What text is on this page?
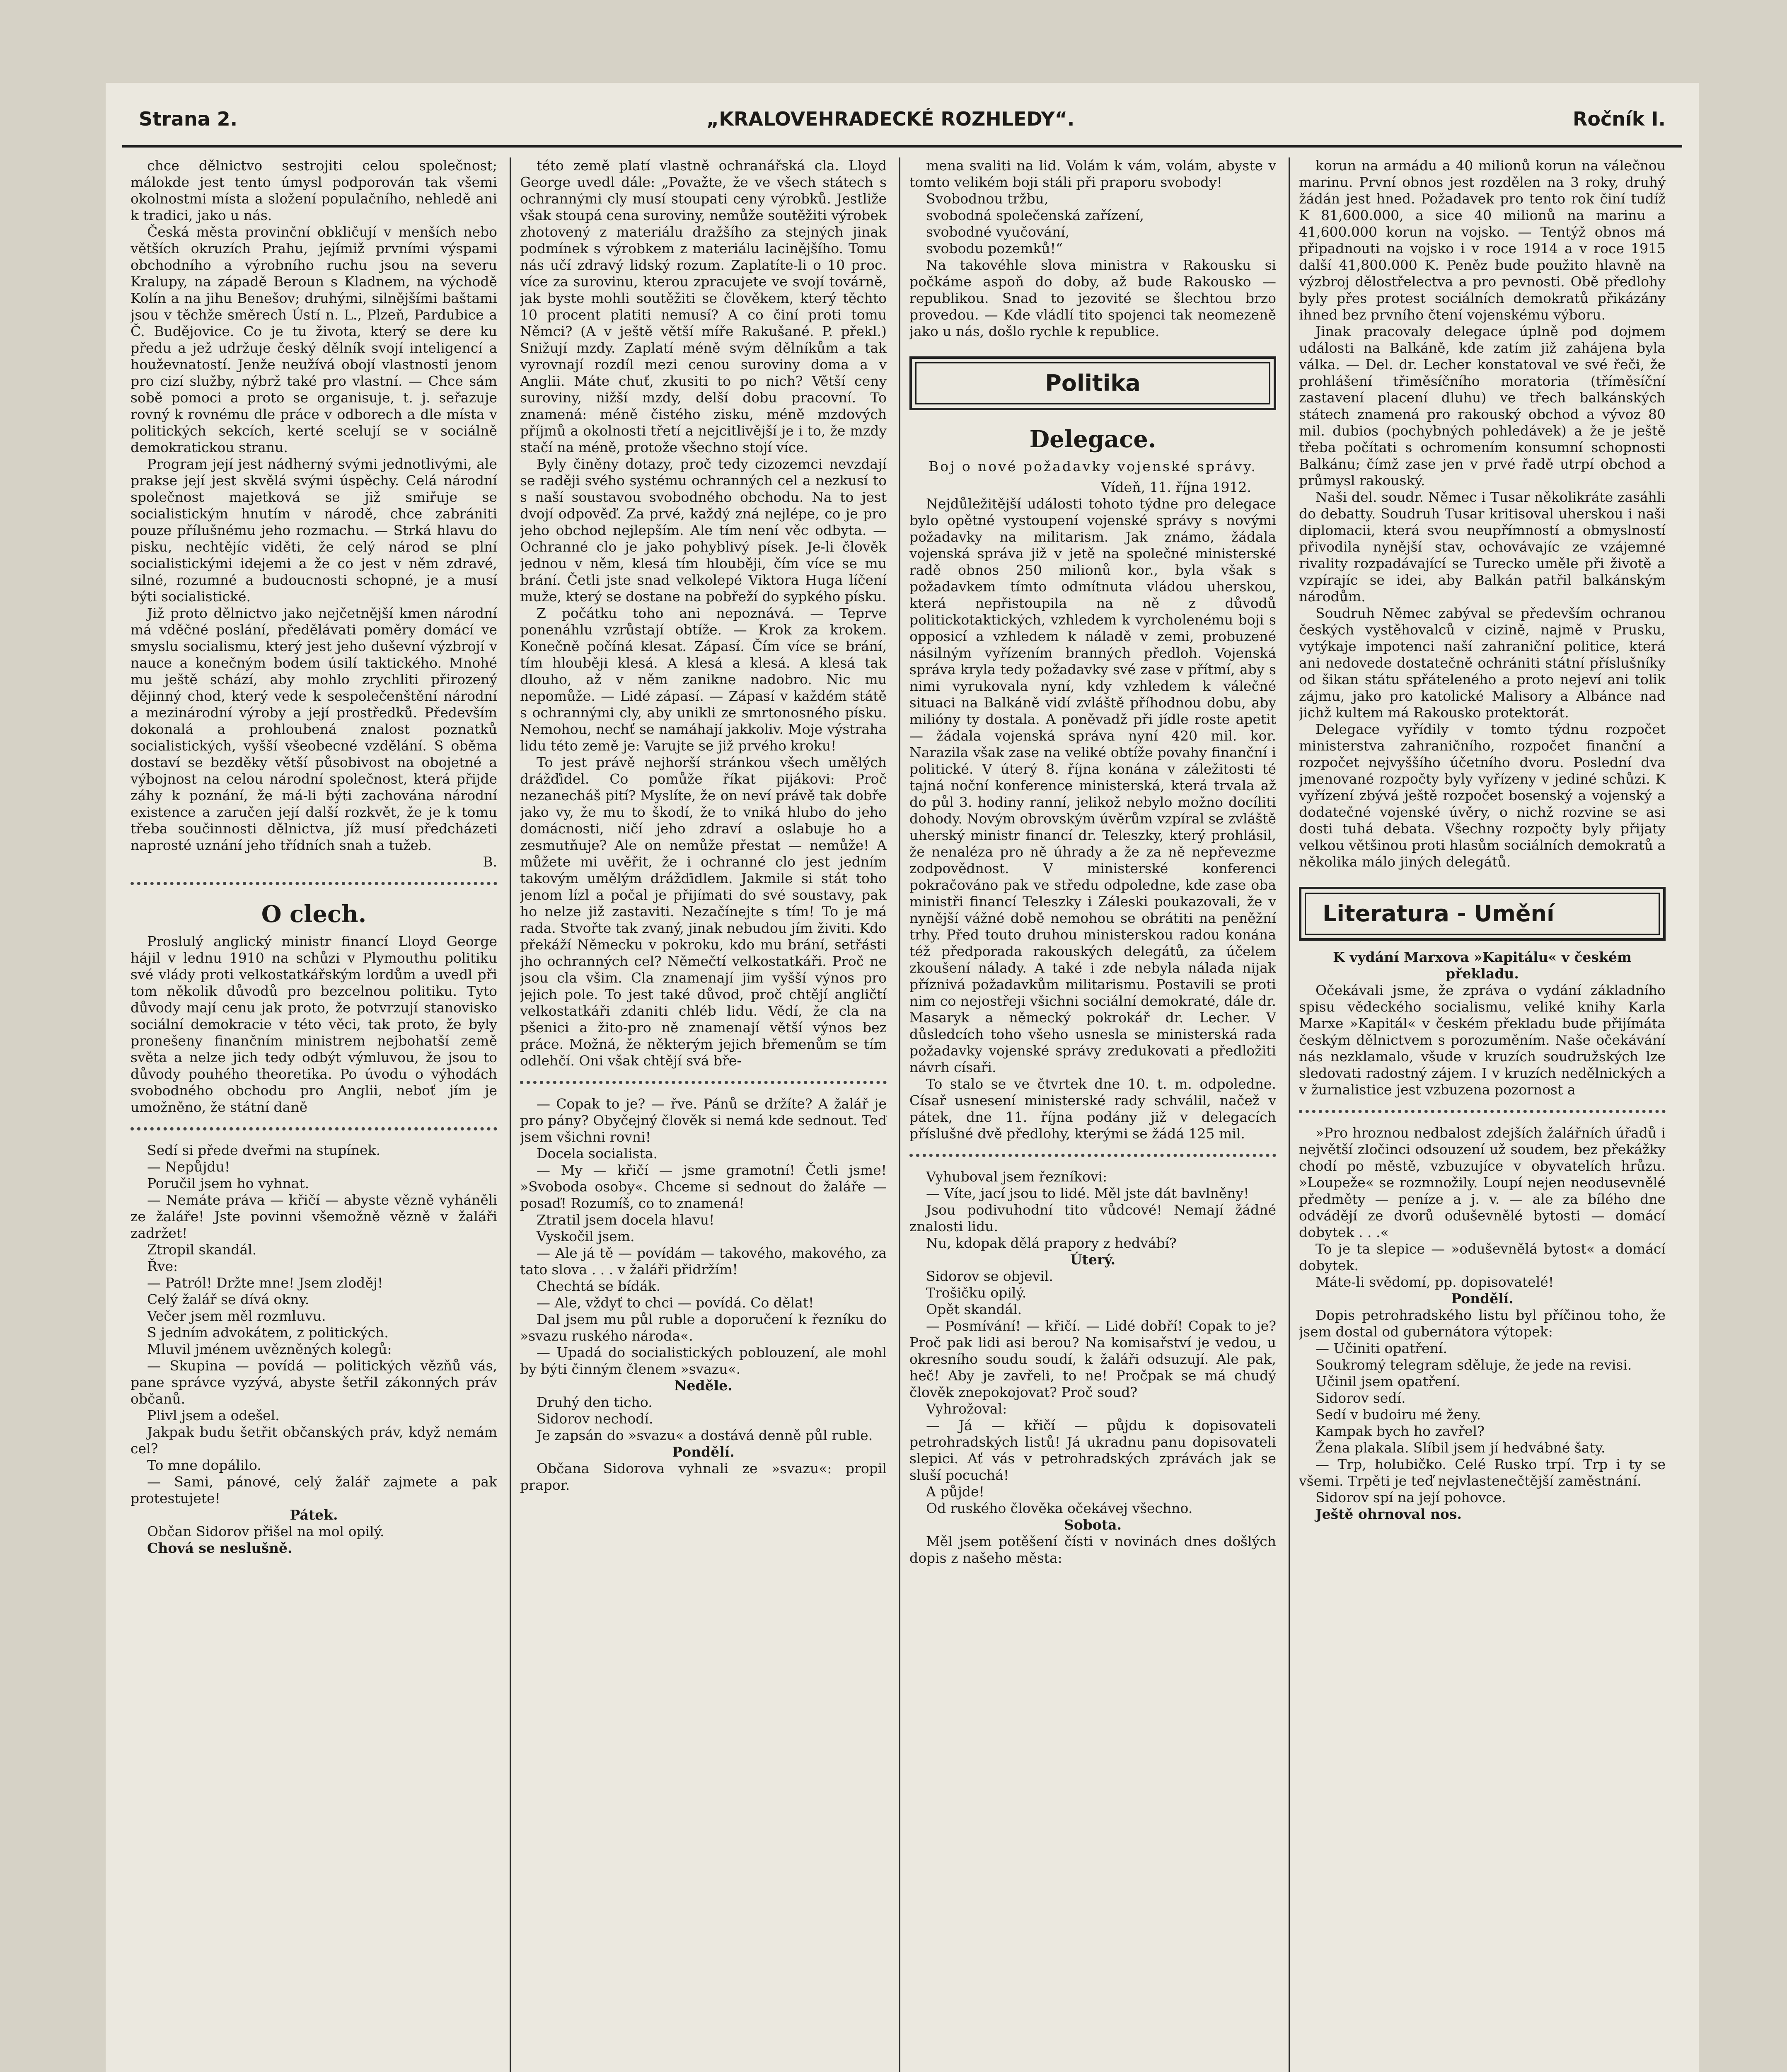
Strana 2.	„KRALOVEHRADECKÉ ROZHLEDY“.	Ročník I.

chce dělnictvo sestrojiti celou společnost; málokde jest tento úmysl podporován tak všemi okolnostmi místa a složení populačního, nehledě ani k tradici, jako u nás.

Česká města provinční obkličují v menších nebo větších okruzích Prahu, jejímiž prvními výspami obchodního a výrobního ruchu jsou na severu Kralupy, na západě Beroun s Kladnem, na východě Kolín a na jihu Benešov; druhými, silnějšími baštami jsou v těchže směrech Ústí n. L., Plzeň, Pardubice a Č. Budějovice. Co je tu života, který se dere ku předu a jež udržuje český dělník svojí inteligencí a houževnatostí. Jenže neužívá obojí vlastnosti jenom pro cizí služby, nýbrž také pro vlastní. — Chce sám sobě pomoci a proto se organisuje, t. j. seřazuje rovný k rovnému dle práce v odborech a dle místa v politických sekcích, kerté scelují se v sociálně demokratickou stranu.

Program její jest nádherný svými jednotlivými, ale prakse její jest skvělá svými úspěchy. Celá národní společnost majetková se již smiřuje se socialistickým hnutím v národě, chce zabrániti pouze přílušnému jeho rozmachu. — Strká hlavu do pisku, nechtějíc viděti, že celý národ se plní socialistickými idejemi a že co jest v něm zdravé, silné, rozumné a budoucnosti schopné, je a musí býti socialistické.

Již proto dělnictvo jako nejčetnější kmen národní má vděčné poslání, předělávati poměry domácí ve smyslu socialismu, který jest jeho duševní výzbrojí v nauce a konečným bodem úsilí taktického. Mnohé mu ještě schází, aby mohlo zrychliti přirozený dějinný chod, který vede k sespolečenštění národní a mezinárodní výroby a její prostředků. Především dokonalá a prohloubená znalost poznatků socialistických, vyšší všeobecné vzdělání. S oběma dostaví se bezděky větší působivost na obojetné a výbojnost na celou národní společnost, která přijde záhy k poznání, že má-li býti zachována národní existence a zaručen její další rozkvět, že je k tomu třeba součinnosti dělnictva, jíž musí předcházeti naprosté uznání jeho třídních snah a tužeb.

B.
O clech.

Proslulý anglický ministr financí Lloyd George hájil v lednu 1910 na schůzi v Plymouthu politiku své vlády proti velkostatkářským lordům a uvedl při tom několik důvodů pro bezcelnou politiku. Tyto důvody mají cenu jak proto, že potvrzují stanovisko sociální demokracie v této věci, tak proto, že byly pronešeny finančním ministrem nejbohatší země světa a nelze jich tedy odbýt výmluvou, že jsou to důvody pouhého theoretika. Po úvodu o výhodách svobodného obchodu pro Anglii, neboť jím je umožněno, že státní daně

Sedí si přede dveřmi na stupínek.

— Nepůjdu!

Poručil jsem ho vyhnat.

— Nemáte práva — křičí — abyste vězně vyháněli ze žaláře! Jste povinni všemožně vězně v žaláři zadržet!

Ztropil skandál.

Řve:

— Patról! Držte mne! Jsem zloděj!

Celý žalář se dívá okny.

Večer jsem měl rozmluvu.

S jedním advokátem, z politických.

Mluvil jménem uvězněných kolegů:

— Skupina — povídá — politických vězňů vás, pane správce vyzývá, abyste šetřil zákonných práv občanů.

Plivl jsem a odešel.

Jakpak budu šetřit občanských práv, když nemám cel?

To mne dopálilo.

— Sami, pánové, celý žalář zajmete a pak protestujete!

Pátek.

Občan Sidorov přišel na mol opilý.

Chová se neslušně.

této země platí vlastně ochranářská cla. Lloyd George uvedl dále: „Považte, že ve všech státech s ochrannými cly musí stoupati ceny výrobků. Jestliže však stoupá cena suroviny, nemůže soutěžiti výrobek zhotovený z materiálu dražšího za stejných jinak podmínek s výrobkem z materiálu lacinějšího. Tomu nás učí zdravý lidský rozum. Zaplatíte-li o 10 proc. více za surovinu, kterou zpracujete ve svojí továrně, jak byste mohli soutěžiti se člověkem, který těchto 10 procent platiti nemusí? A co činí proti tomu Němci? (A v ještě větší míře Rakušané. P. překl.) Snižují mzdy. Zaplatí méně svým dělníkům a tak vyrovnají rozdíl mezi cenou suroviny doma a v Anglii. Máte chuť, zkusiti to po nich? Větší ceny suroviny, nižší mzdy, delší dobu pracovní. To znamená: méně čistého zisku, méně mzdových příjmů a okolnosti třetí a nejcitlivější je i to, že mzdy stačí na méně, protože všechno stojí více.

Byly činěny dotazy, proč tedy cizozemci nevzdají se raději svého systému ochranných cel a nezkusí to s naší soustavou svobodného obchodu. Na to jest dvojí odpověď. Za prvé, každý zná nejlépe, co je pro jeho obchod nejlepším. Ale tím není věc odbyta. — Ochranné clo je jako pohyblivý písek. Je-li člověk jednou v něm, klesá tím hlouběji, čím více se mu brání. Četli jste snad velkolepé Viktora Huga líčení muže, který se dostane na pobřeží do sypkého písku.

Z počátku toho ani nepoznává. — Teprve ponenáhlu vzrůstají obtíže. — Krok za krokem. Konečně počíná klesat. Zápasí. Čím více se brání, tím hlouběji klesá. A klesá a klesá. A klesá tak dlouho, až v něm zanikne nadobro. Nic mu nepomůže. — Lidé zápasí. — Zápasí v každém státě s ochrannými cly, aby unikli ze smrtonosného písku. Nemohou, nechť se namáhají jakkoliv. Moje výstraha lidu této země je: Varujte se již prvého kroku!

To jest právě nejhorší stránkou všech umělých drážďidel. Co pomůže říkat pijákovi: Proč nezanecháš pití? Myslíte, že on neví právě tak dobře jako vy, že mu to škodí, že to vniká hlubo do jeho domácnosti, ničí jeho zdraví a oslabuje ho a zesmutňuje? Ale on nemůže přestat — nemůže! A můžete mi uvěřit, že i ochranné clo jest jedním takovým umělým drážďidlem. Jakmile si stát toho jenom lízl a počal je přijímati do své soustavy, pak ho nelze již zastaviti. Nezačínejte s tím! To je má rada. Stvořte tak zvaný, jinak nebudou jím živiti. Kdo překáží Německu v pokroku, kdo mu brání, setřásti jho ochranných cel? Němečtí velkostatkáři. Proč ne jsou cla všim. Cla znamenají jim vyšší výnos pro jejich pole. To jest také důvod, proč chtějí angličtí velkostatkáři zdaniti chléb lidu. Vědí, že cla na pšenici a žito-pro ně znamenají větší výnos bez práce. Možná, že některým jejich břemenům se tím odlehčí. Oni však chtějí svá bře-

— Copak to je? — řve. Pánů se držíte? A žalář je pro pány? Obyčejný člověk si nemá kde sednout. Teď jsem všichni rovni!

Docela socialista.

— My — křičí — jsme gramotní! Četli jsme! »Svoboda osoby«. Chceme si sednout do žaláře — posaď! Rozumíš, co to znamená!

Ztratil jsem docela hlavu!

Vyskočil jsem.

— Ale já tě — povídám — takového, makového, za tato slova . . . v žaláři přidržím!

Chechtá se bídák.

— Ale, vždyť to chci — povídá. Co dělat!

Dal jsem mu půl ruble a doporučení k řezníku do »svazu ruského národa«.

— Upadá do socialistických poblouzení, ale mohl by býti činným členem »svazu«.

Neděle.

Druhý den ticho.

Sidorov nechodí.

Je zapsán do »svazu« a dostává denně půl ruble.

Pondělí.

Občana Sidorova vyhnali ze »svazu«: propil prapor.

mena svaliti na lid. Volám k vám, volám, abyste v tomto velikém boji stáli při praporu svobody!

Svobodnou tržbu,

svobodná společenská zařízení,

svobodné vyučování,

svobodu pozemků!“

Na takovéhle slova ministra v Rakousku si počkáme aspoň do doby, až bude Rakousko — republikou. Snad to jezovité se šlechtou brzo provedou. — Kde vládlí tito spojenci tak neomezeně jako u nás, došlo rychle k republice.

Politika
Delegace.
Boj o nové požadavky vojenské správy.
Vídeň, 11. října 1912.

Nejdůležitější události tohoto týdne pro delegace bylo opětné vystoupení vojenské správy s novými požadavky na militarism. Jak známo, žádala vojenská správa již v jetě na společné ministerské radě obnos 250 milionů kor., byla však s požadavkem tímto odmítnuta vládou uherskou, která nepřistoupila na ně z důvodů politickotaktických, vzhledem k vyrcholenému boji s opposicí a vzhledem k náladě v zemi, probuzené násilným vyřízením branných předloh. Vojenská správa kryla tedy požadavky své zase v přítmí, aby s nimi vyrukovala nyní, kdy vzhledem k válečné situaci na Balkáně vidí zvláště příhodnou dobu, aby milióny ty dostala. A poněvadž při jídle roste apetit — žádala vojenská správa nyní 420 mil. kor. Narazila však zase na veliké obtíže povahy finanční i politické. V úterý 8. října konána v záležitosti té tajná noční konference ministerská, která trvala až do půl 3. hodiny ranní, jelikož nebylo možno docíliti dohody. Novým obrovským úvěrům vzpíral se zvláště uherský ministr financí dr. Teleszky, který prohlásil, že nenaléza pro ně úhrady a že za ně nepřevezme zodpovědnost. V ministerské konferenci pokračováno pak ve středu odpoledne, kde zase oba ministři financí Teleszky i Záleski poukazovali, že v nynější vážné době nemohou se obrátiti na peněžní trhy. Před touto druhou ministerskou radou konána též předporada rakouských delegátů, za účelem zkoušení nálady. A také i zde nebyla nálada nijak příznivá požadavkům militarismu. Postavili se proti nim co nejostřeji všichni sociální demokraté, dále dr. Masaryk a německý pokrokář dr. Lecher. V důsledcích toho všeho usnesla se ministerská rada požadavky vojenské správy zredukovati a předložiti návrh císaři.

To stalo se ve čtvrtek dne 10. t. m. odpoledne. Císař usnesení ministerské rady schválil, načež v pátek, dne 11. října podány již v delegacích příslušné dvě předlohy, kterými se žádá 125 mil.

Vyhuboval jsem řezníkovi:

— Víte, jací jsou to lidé. Měl jste dát bavlněny!

Jsou podivuhodní tito vůdcové! Nemají žádné znalosti lidu.

Nu, kdopak dělá prapory z hedvábí?

Úterý.

Sidorov se objevil.

Trošičku opilý.

Opět skandál.

— Posmívání! — křičí. — Lidé dobří! Copak to je? Proč pak lidi asi berou? Na komisařství je vedou, u okresního soudu soudí, k žaláři odsuzují. Ale pak, heč! Aby je zavřeli, to ne! Pročpak se má chudý člověk znepokojovat? Proč soud?

Vyhrožoval:

— Já — křičí — půjdu k dopisovateli petrohradských listů! Já ukradnu panu dopisovateli slepici. Ať vás v petrohradských zprávách jak se sluší pocuchá!

A půjde!

Od ruského člověka očekávej všechno.

Sobota.

Měl jsem potěšení čísti v novinách dnes došlých dopis z našeho města:

korun na armádu a 40 milionů korun na válečnou marinu. První obnos jest rozdělen na 3 roky, druhý žádán jest hned. Požadavek pro tento rok činí tudíž K 81,600.000, a sice 40 milionů na marinu a 41,600.000 korun na vojsko. — Tentýž obnos má připadnouti na vojsko i v roce 1914 a v roce 1915 další 41,800.000 K. Peněz bude použito hlavně na výzbroj dělostřelectva a pro pevnosti. Obě předlohy byly přes protest sociálních demokratů přikázány ihned bez prvního čtení vojenskému výboru.

Jinak pracovaly delegace úplně pod dojmem události na Balkáně, kde zatím již zahájena byla válka. — Del. dr. Lecher konstatoval ve své řeči, že prohlášení třiměsíčního moratoria (tříměsíční zastavení placení dluhu) ve třech balkánských státech znamená pro rakouský obchod a vývoz 80 mil. dubios (pochybných pohledávek) a že je ještě třeba počítati s ochromením konsumní schopnosti Balkánu; čímž zase jen v prvé řadě utrpí obchod a průmysl rakouský.

Naši del. soudr. Němec i Tusar několikráte zasáhli do debatty. Soudruh Tusar kritisoval uherskou i naši diplomacii, která svou neupřímností a obmyslností přivodila nynější stav, ochovávajíc ze vzájemné rivality rozpadávající se Turecko uměle při životě a vzpírajíc se idei, aby Balkán patřil balkánským národům.

Soudruh Němec zabýval se především ochranou českých vystěhovalců v cizině, najmě v Prusku, vytýkaje impotenci naší zahraniční politice, která ani nedovede dostatečně ochrániti státní příslušníky od šikan státu spřáteleného a proto nejeví ani tolik zájmu, jako pro katolické Malisory a Albánce nad jichž kultem má Rakousko protektorát.

Delegace vyřídily v tomto týdnu rozpočet ministerstva zahraničního, rozpočet finanční a rozpočet nejvyššího účetního dvoru. Poslední dva jmenované rozpočty byly vyřízeny v jediné schůzi. K vyřízení zbývá ještě rozpočet bosenský a vojenský a dodatečné vojenské úvěry, o nichž rozvine se asi dosti tuhá debata. Všechny rozpočty byly přijaty velkou většinou proti hlasům sociálních demokratů a několika málo jiných delegátů.

Literatura - Umění

K vydání Marxova »Kapitálu« v českém překladu.

Očekávali jsme, že zpráva o vydání základního spisu vědeckého socialismu, veliké knihy Karla Marxe »Kapitál« v českém překladu bude přijímáta českým dělnictvem s porozuměním. Naše očekávání nás nezklamalo, všude v kruzích soudružských lze sledovati radostný zájem. I v kruzích nedělnických a v žurnalistice jest vzbuzena pozornost a

»Pro hroznou nedbalost zdejších žalářních úřadů i největší zločinci odsouzení už soudem, bez překážky chodí po městě, vzbuzujíce v obyvatelích hrůzu. »Loupeže« se rozmnožily. Loupí nejen neodusevnělé předměty — peníze a j. v. — ale za bílého dne odvádějí ze dvorů oduševnělé bytosti — domácí dobytek . . .«

To je ta slepice — »oduševnělá bytost« a domácí dobytek.

Máte-li svědomí, pp. dopisovatelé!

Pondělí.

Dopis petrohradského listu byl příčinou toho, že jsem dostal od gubernátora výtopek:

— Učiniti opatření.

Soukromý telegram sděluje, že jede na revisi.

Učinil jsem opatření.

Sidorov sedí.

Sedí v budoiru mé ženy.

Kampak bych ho zavřel?

Žena plakala. Slíbil jsem jí hedvábné šaty.

— Trp, holubičko. Celé Rusko trpí. Trp i ty se všemi. Trpěti je teď nejvlastenečtější zaměstnání.

Sidorov spí na její pohovce.

Ještě ohrnoval nos.
